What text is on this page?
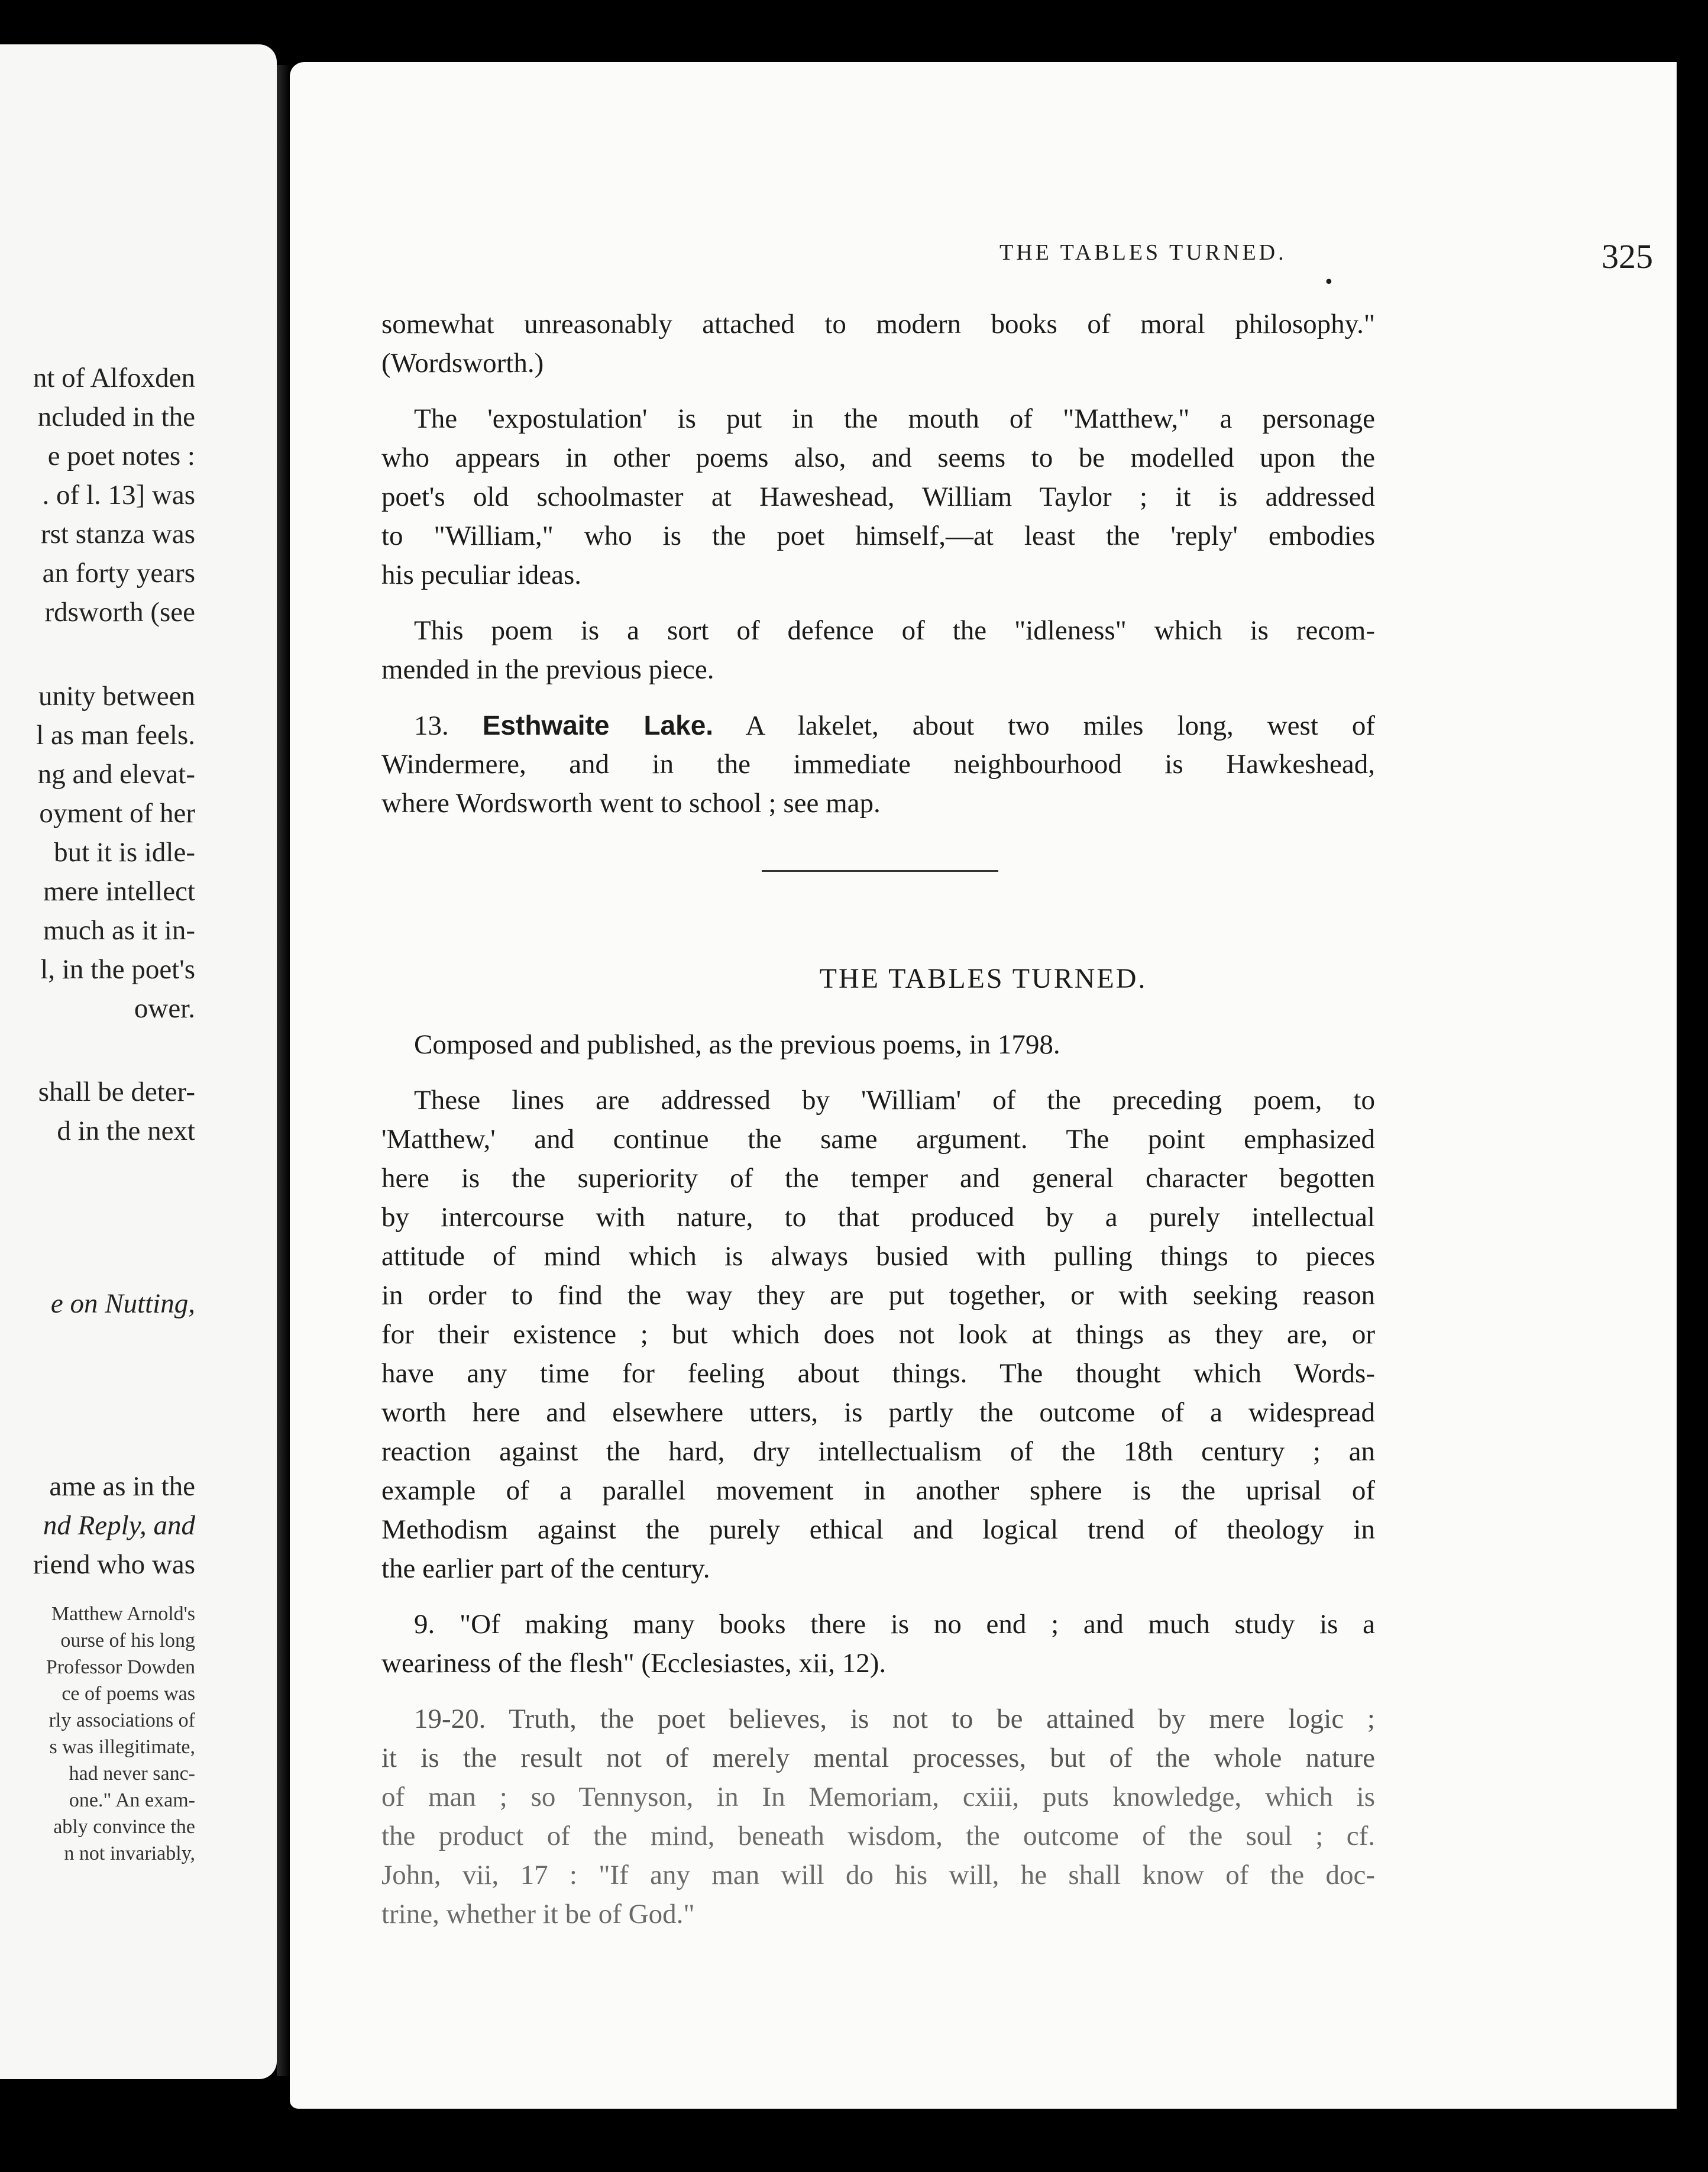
nt of Alfoxden
ncluded in the
e poet notes :
. of l. 13] was
rst stanza was
an forty years
rdsworth (see
unity between
l as man feels.
ng and elevat-
oyment of her
but it is idle-
mere intellect
much as it in-
l, in the poet's
ower.
shall be deter-
d in the next
e on Nutting,
ame as in the
nd Reply, and
riend who was
Matthew Arnold's
ourse of his long
Professor Dowden
ce of poems was
rly associations of
s was illegitimate,
had never sanc-
one." An exam-
ably convince the
n not invariably,
THE TABLES TURNED.
•
325
somewhat unreasonably attached to modern books of moral philosophy."
(Wordsworth.)
The 'expostulation' is put in the mouth of "Matthew," a personage
who appears in other poems also, and seems to be modelled upon the
poet's old schoolmaster at Haweshead, William Taylor ; it is addressed
to "William," who is the poet himself,—at least the 'reply' embodies
his peculiar ideas.
This poem is a sort of defence of the "idleness" which is recom-
mended in the previous piece.
13. Esthwaite Lake. A lakelet, about two miles long, west of
Windermere, and in the immediate neighbourhood is Hawkeshead,
where Wordsworth went to school ; see map.
THE TABLES TURNED.
Composed and published, as the previous poems, in 1798.
These lines are addressed by 'William' of the preceding poem, to
'Matthew,' and continue the same argument. The point emphasized
here is the superiority of the temper and general character begotten
by intercourse with nature, to that produced by a purely intellectual
attitude of mind which is always busied with pulling things to pieces
in order to find the way they are put together, or with seeking reason
for their existence ; but which does not look at things as they are, or
have any time for feeling about things. The thought which Words-
worth here and elsewhere utters, is partly the outcome of a widespread
reaction against the hard, dry intellectualism of the 18th century ; an
example of a parallel movement in another sphere is the uprisal of
Methodism against the purely ethical and logical trend of theology in
the earlier part of the century.
9. "Of making many books there is no end ; and much study is a
weariness of the flesh" (Ecclesiastes, xii, 12).
19-20. Truth, the poet believes, is not to be attained by mere logic ;
it is the result not of merely mental processes, but of the whole nature
of man ; so Tennyson, in In Memoriam, cxiii, puts knowledge, which is
the product of the mind, beneath wisdom, the outcome of the soul ; cf.
John, vii, 17 : "If any man will do his will, he shall know of the doc-
trine, whether it be of God."
